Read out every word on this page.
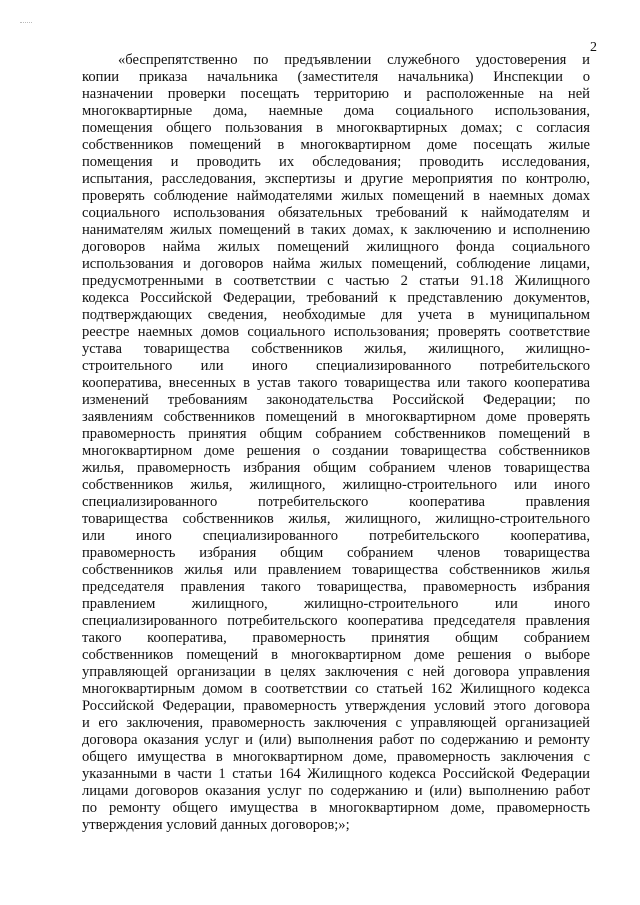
2
«беспрепятственно по предъявлении служебного удостоверения и
копии приказа начальника (заместителя начальника) Инспекции о
назначении проверки посещать территорию и расположенные на ней
многоквартирные дома, наемные дома социального использования,
помещения общего пользования в многоквартирных домах; с согласия
собственников помещений в многоквартирном доме посещать жилые
помещения и проводить их обследования; проводить исследования,
испытания, расследования, экспертизы и другие мероприятия по контролю,
проверять соблюдение наймодателями жилых помещений в наемных домах
социального использования обязательных требований к наймодателям и
нанимателям жилых помещений в таких домах, к заключению и исполнению
договоров найма жилых помещений жилищного фонда социального
использования и договоров найма жилых помещений, соблюдение лицами,
предусмотренными в соответствии с частью 2 статьи 91.18 Жилищного
кодекса Российской Федерации, требований к представлению документов,
подтверждающих сведения, необходимые для учета в муниципальном
реестре наемных домов социального использования; проверять соответствие
устава товарищества собственников жилья, жилищного, жилищно-
строительного или иного специализированного потребительского
кооператива, внесенных в устав такого товарищества или такого кооператива
изменений требованиям законодательства Российской Федерации; по
заявлениям собственников помещений в многоквартирном доме проверять
правомерность принятия общим собранием собственников помещений в
многоквартирном доме решения о создании товарищества собственников
жилья, правомерность избрания общим собранием членов товарищества
собственников жилья, жилищного, жилищно-строительного или иного
специализированного потребительского кооператива правления
товарищества собственников жилья, жилищного, жилищно-строительного
или иного специализированного потребительского кооператива,
правомерность избрания общим собранием членов товарищества
собственников жилья или правлением товарищества собственников жилья
председателя правления такого товарищества, правомерность избрания
правлением жилищного, жилищно-строительного или иного
специализированного потребительского кооператива председателя правления
такого кооператива, правомерность принятия общим собранием
собственников помещений в многоквартирном доме решения о выборе
управляющей организации в целях заключения с ней договора управления
многоквартирным домом в соответствии со статьей 162 Жилищного кодекса
Российской Федерации, правомерность утверждения условий этого договора
и его заключения, правомерность заключения с управляющей организацией
договора оказания услуг и (или) выполнения работ по содержанию и ремонту
общего имущества в многоквартирном доме, правомерность заключения с
указанными в части 1 статьи 164 Жилищного кодекса Российской Федерации
лицами договоров оказания услуг по содержанию и (или) выполнению работ
по ремонту общего имущества в многоквартирном доме, правомерность
утверждения условий данных договоров;»;
